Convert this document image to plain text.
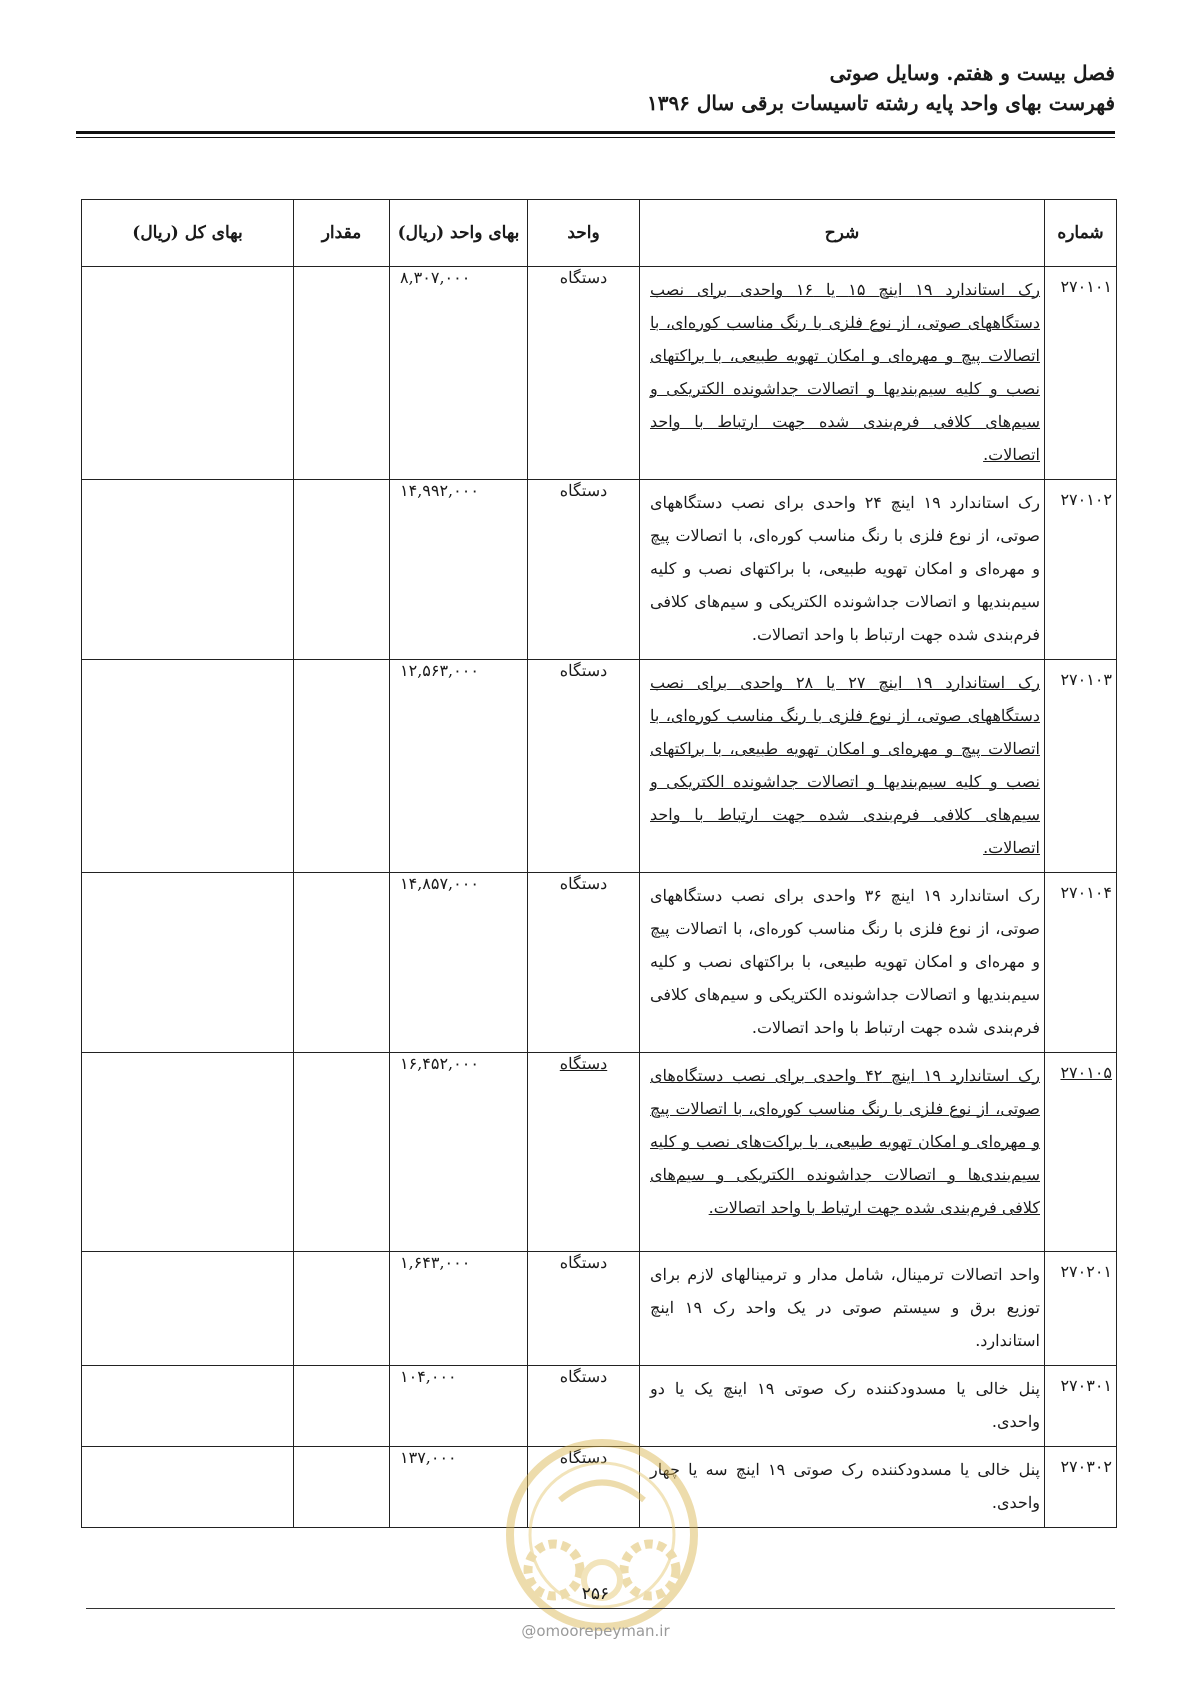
فصل بیست و هفتم. وسایل صوتی
فهرست بهای واحد پایه رشته تاسیسات برقی سال ۱۳۹۶
شماره	شرح	واحد	بهای واحد (ریال)	مقدار	بهای کل (ریال)
۲۷۰۱۰۱	رک استاندارد ۱۹ اینچ ۱۵ یا ۱۶ واحدی برای نصب دستگاههای صوتی، از نوع فلزی با رنگ مناسب کوره‌ای، با اتصالات پیچ و مهره‌ای و امکان تهویه طبیعی، با براکتهای نصب و کلیه سیم‌بندیها و اتصالات جداشونده الکتریکی و سیم‌های کلافی فرم‌بندی شده جهت ارتباط با واحد اتصالات.	دستگاه	۸,۳۰۷,۰۰۰		
۲۷۰۱۰۲	رک استاندارد ۱۹ اینچ ۲۴ واحدی برای نصب دستگاههای صوتی، از نوع فلزی با رنگ مناسب کوره‌ای، با اتصالات پیچ و مهره‌ای و امکان تهویه طبیعی، با براکتهای نصب و کلیه سیم‌بندیها و اتصالات جداشونده الکتریکی و سیم‌های کلافی فرم‌بندی شده جهت ارتباط با واحد اتصالات.	دستگاه	۱۴,۹۹۲,۰۰۰		
۲۷۰۱۰۳	رک استاندارد ۱۹ اینچ ۲۷ یا ۲۸ واحدی برای نصب دستگاههای صوتی، از نوع فلزی با رنگ مناسب کوره‌ای، با اتصالات پیچ و مهره‌ای و امکان تهویه طبیعی، با براکتهای نصب و کلیه سیم‌بندیها و اتصالات جداشونده الکتریکی و سیم‌های کلافی فرم‌بندی شده جهت ارتباط با واحد اتصالات.	دستگاه	۱۲,۵۶۳,۰۰۰		
۲۷۰۱۰۴	رک استاندارد ۱۹ اینچ ۳۶ واحدی برای نصب دستگاههای صوتی، از نوع فلزی با رنگ مناسب کوره‌ای، با اتصالات پیچ و مهره‌ای و امکان تهویه طبیعی، با براکتهای نصب و کلیه سیم‌بندیها و اتصالات جداشونده الکتریکی و سیم‌های کلافی فرم‌بندی شده جهت ارتباط با واحد اتصالات.	دستگاه	۱۴,۸۵۷,۰۰۰		
۲۷۰۱۰۵	رک استاندارد ۱۹ اینچ ۴۲ واحدی برای نصب دستگاه‌های صوتی، از نوع فلزی با رنگ مناسب کوره‌ای، با اتصالات پیچ و مهره‌ای و امکان تهویه طبیعی، با براکت‌های نصب و کلیه سیم‌بندی‌ها و اتصالات جداشونده الکتریکی و سیم‌های کلافی فرم‌بندی شده جهت ارتباط با واحد اتصالات.	دستگاه	۱۶,۴۵۲,۰۰۰		
۲۷۰۲۰۱	واحد اتصالات ترمینال، شامل مدار و ترمینالهای لازم برای توزیع برق و سیستم صوتی در یک واحد رک ۱۹ اینچ استاندارد.	دستگاه	۱,۶۴۳,۰۰۰		
۲۷۰۳۰۱	پنل خالی یا مسدودکننده رک صوتی ۱۹ اینچ یک یا دو واحدی.	دستگاه	۱۰۴,۰۰۰		
۲۷۰۳۰۲	پنل خالی یا مسدودکننده رک صوتی ۱۹ اینچ سه یا چهار واحدی.	دستگاه	۱۳۷,۰۰۰		
۲۵۶
@omoorepeyman.ir
